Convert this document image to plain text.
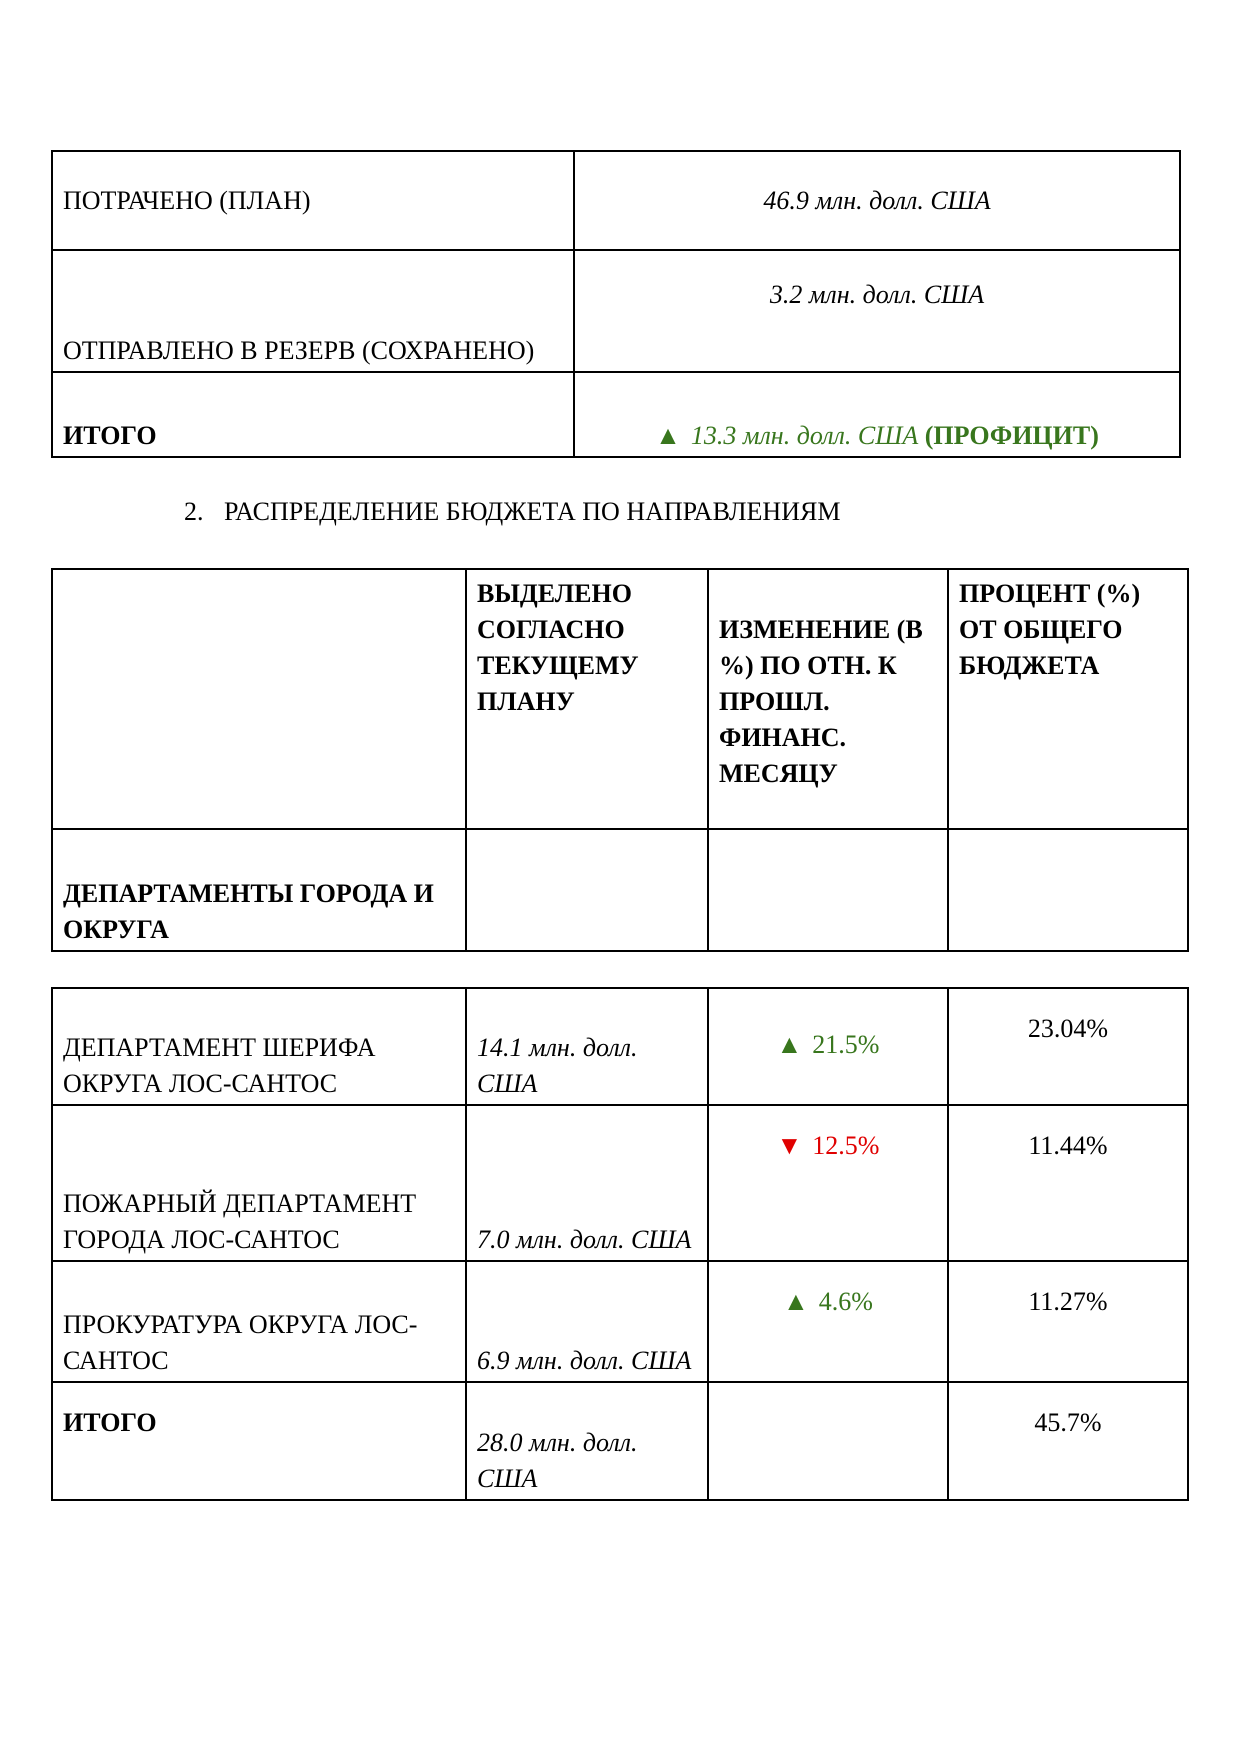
ПОТРАЧЕНО (ПЛАН)	46.9 млн. долл. США
ОТПРАВЛЕНО В РЕЗЕРВ (СОХРАНЕНО)	3.2 млн. долл. США
ИТОГО	▲ 13.3 млн. долл. США (ПРОФИЦИТ)
2. РАСПРЕДЕЛЕНИЕ БЮДЖЕТА ПО НАПРАВЛЕНИЯМ
	ВЫДЕЛЕНО СОГЛАСНО ТЕКУЩЕМУ ПЛАНУ	ИЗМЕНЕНИЕ (В %) ПО ОТН. К ПРОШЛ. ФИНАНС. МЕСЯЦУ	ПРОЦЕНТ (%) ОТ ОБЩЕГО БЮДЖЕТА
ДЕПАРТАМЕНТЫ ГОРОДА И ОКРУГА			
ДЕПАРТАМЕНТ ШЕРИФА ОКРУГА ЛОС-САНТОС	14.1 млн. долл. США	▲ 21.5%	23.04%
ПОЖАРНЫЙ ДЕПАРТАМЕНТ ГОРОДА ЛОС-САНТОС	7.0 млн. долл. США	▼ 12.5%	11.44%
ПРОКУРАТУРА ОКРУГА ЛОС-САНТОС	6.9 млн. долл. США	▲ 4.6%	11.27%
ИТОГО	28.0 млн. долл. США		45.7%
